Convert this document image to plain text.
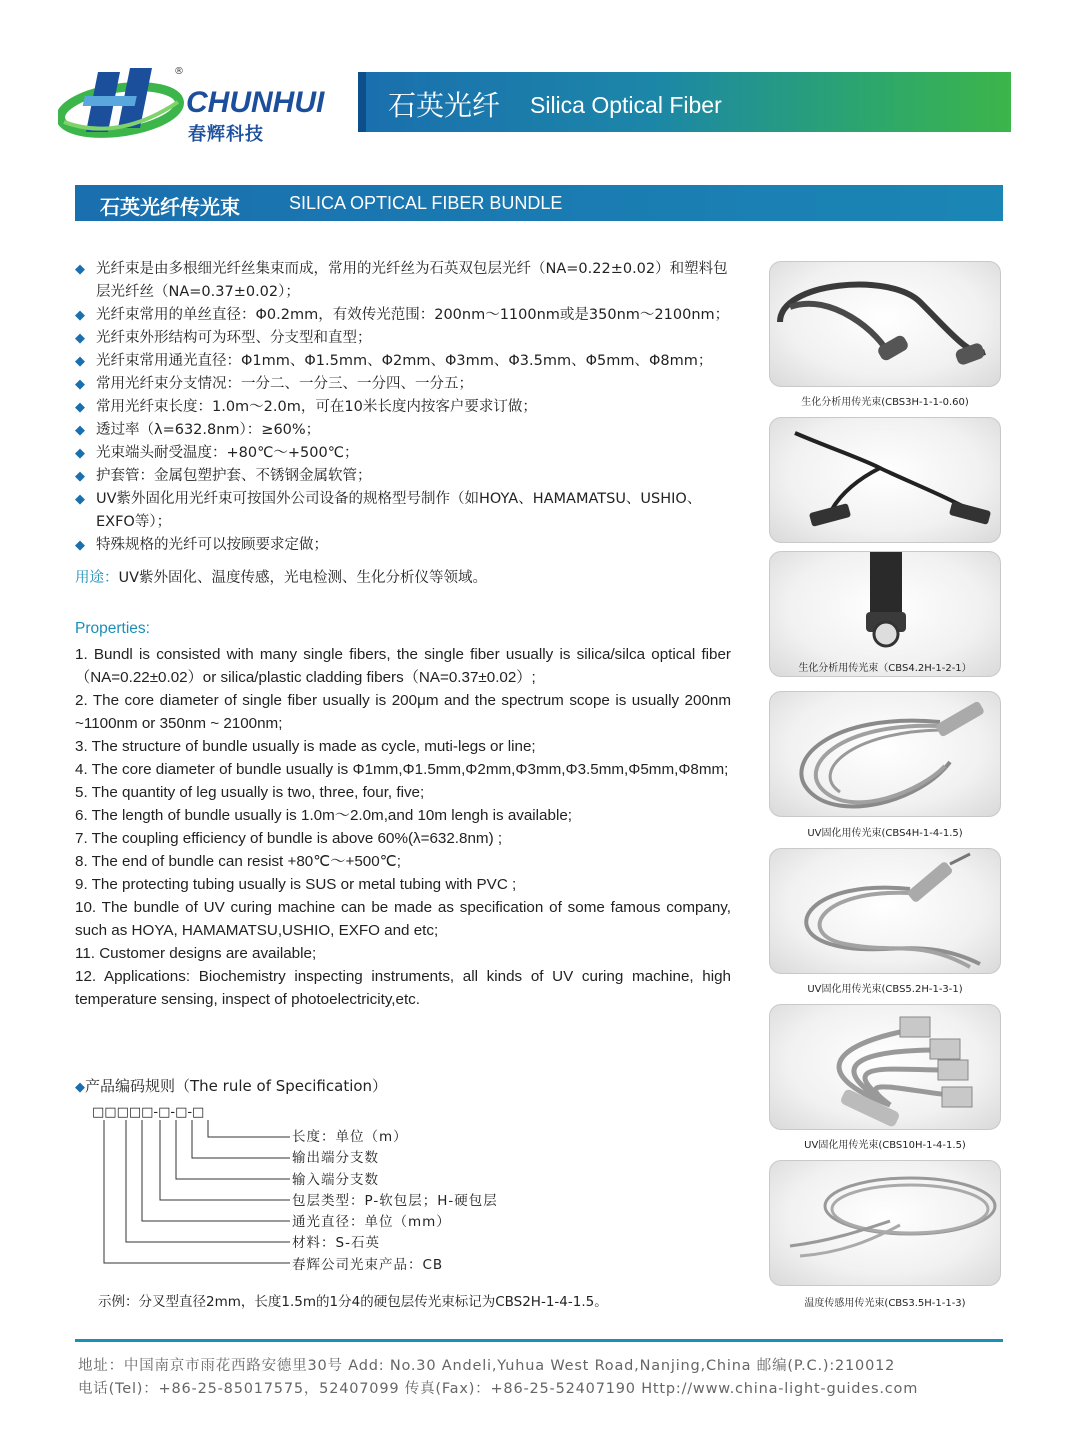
®
CHUNHUI
春辉科技
石英光纤 Silica Optical Fiber
石英光纤传光束	SILICA OPTICAL FIBER BUNDLE
◆ 光纤束是由多根细光纤丝集束而成，常用的光纤丝为石英双包层光纤（NA=0.22±0.02）和塑料包层光纤丝（NA=0.37±0.02）；
◆ 光纤束常用的单丝直径：Φ0.2mm，有效传光范围：200nm～1100nm或是350nm～2100nm；
◆ 光纤束外形结构可为环型、分支型和直型；
◆ 光纤束常用通光直径：Φ1mm、Φ1.5mm、Φ2mm、Φ3mm、Φ3.5mm、Φ5mm、Φ8mm；
◆ 常用光纤束分支情况：一分二、一分三、一分四、一分五；
◆ 常用光纤束长度：1.0m～2.0m，可在10米长度内按客户要求订做；
◆ 透过率（λ=632.8nm）：≥60%；
◆ 光束端头耐受温度：+80℃～+500℃；
◆ 护套管：金属包塑护套、不锈钢金属软管；
◆ UV紫外固化用光纤束可按国外公司设备的规格型号制作（如HOYA、HAMAMATSU、USHIO、EXFO等）；
◆ 特殊规格的光纤可以按顾要求定做；
用途：UV紫外固化、温度传感，光电检测、生化分析仪等领域。
Properties:
1. Bundl is consisted with many single fibers, the single fiber usually is silica/silca optical fiber （NA=0.22±0.02）or silica/plastic cladding fibers（NA=0.37±0.02）;
2. The core diameter of single fiber usually is 200μm and the spectrum scope is usually 200nm ~1100nm or 350nm ~ 2100nm;
3. The structure of bundle usually is made as cycle, muti-legs or line;
4. The core diameter of bundle usually is Φ1mm,Φ1.5mm,Φ2mm,Φ3mm,Φ3.5mm,Φ5mm,Φ8mm;
5. The quantity of leg usually is two, three, four, five;
6. The length of bundle usually is 1.0m～2.0m,and 10m lengh is available;
7. The coupling efficiency of bundle is above 60%(λ=632.8nm) ;
8. The end of bundle can resist +80℃～+500℃;
9. The protecting tubing usually is SUS or metal tubing with PVC ;
10. The bundle of UV curing machine can be made as specification of some famous company, such as HOYA, HAMAMATSU,USHIO, EXFO and etc;
11. Customer designs are available;
12. Applications: Biochemistry inspecting instruments, all kinds of UV curing machine, high temperature sensing, inspect of photoelectricity,etc.
◆产品编码规则（The rule of Specification）
□□□□□-□-□-□
长度：单位（m）
输出端分支数
输入端分支数
包层类型：P-软包层；H-硬包层
通光直径：单位（mm）
材料：S-石英
春辉公司光束产品：CB
示例：分叉型直径2mm，长度1.5m的1分4的硬包层传光束标记为CBS2H-1-4-1.5。
生化分析用传光束(CBS3H-1-1-0.60)
生化分析用传光束（CBS4.2H-1-2-1）
UV固化用传光束(CBS4H-1-4-1.5)
UV固化用传光束(CBS5.2H-1-3-1)
UV固化用传光束(CBS10H-1-4-1.5)
温度传感用传光束(CBS3.5H-1-1-3)
地址：中国南京市雨花西路安德里30号 Add: No.30 Andeli,Yuhua West Road,Nanjing,China 邮编(P.C.):210012
电话(Tel)：+86-25-85017575，52407099 传真(Fax)：+86-25-52407190 Http://www.china-light-guides.com
